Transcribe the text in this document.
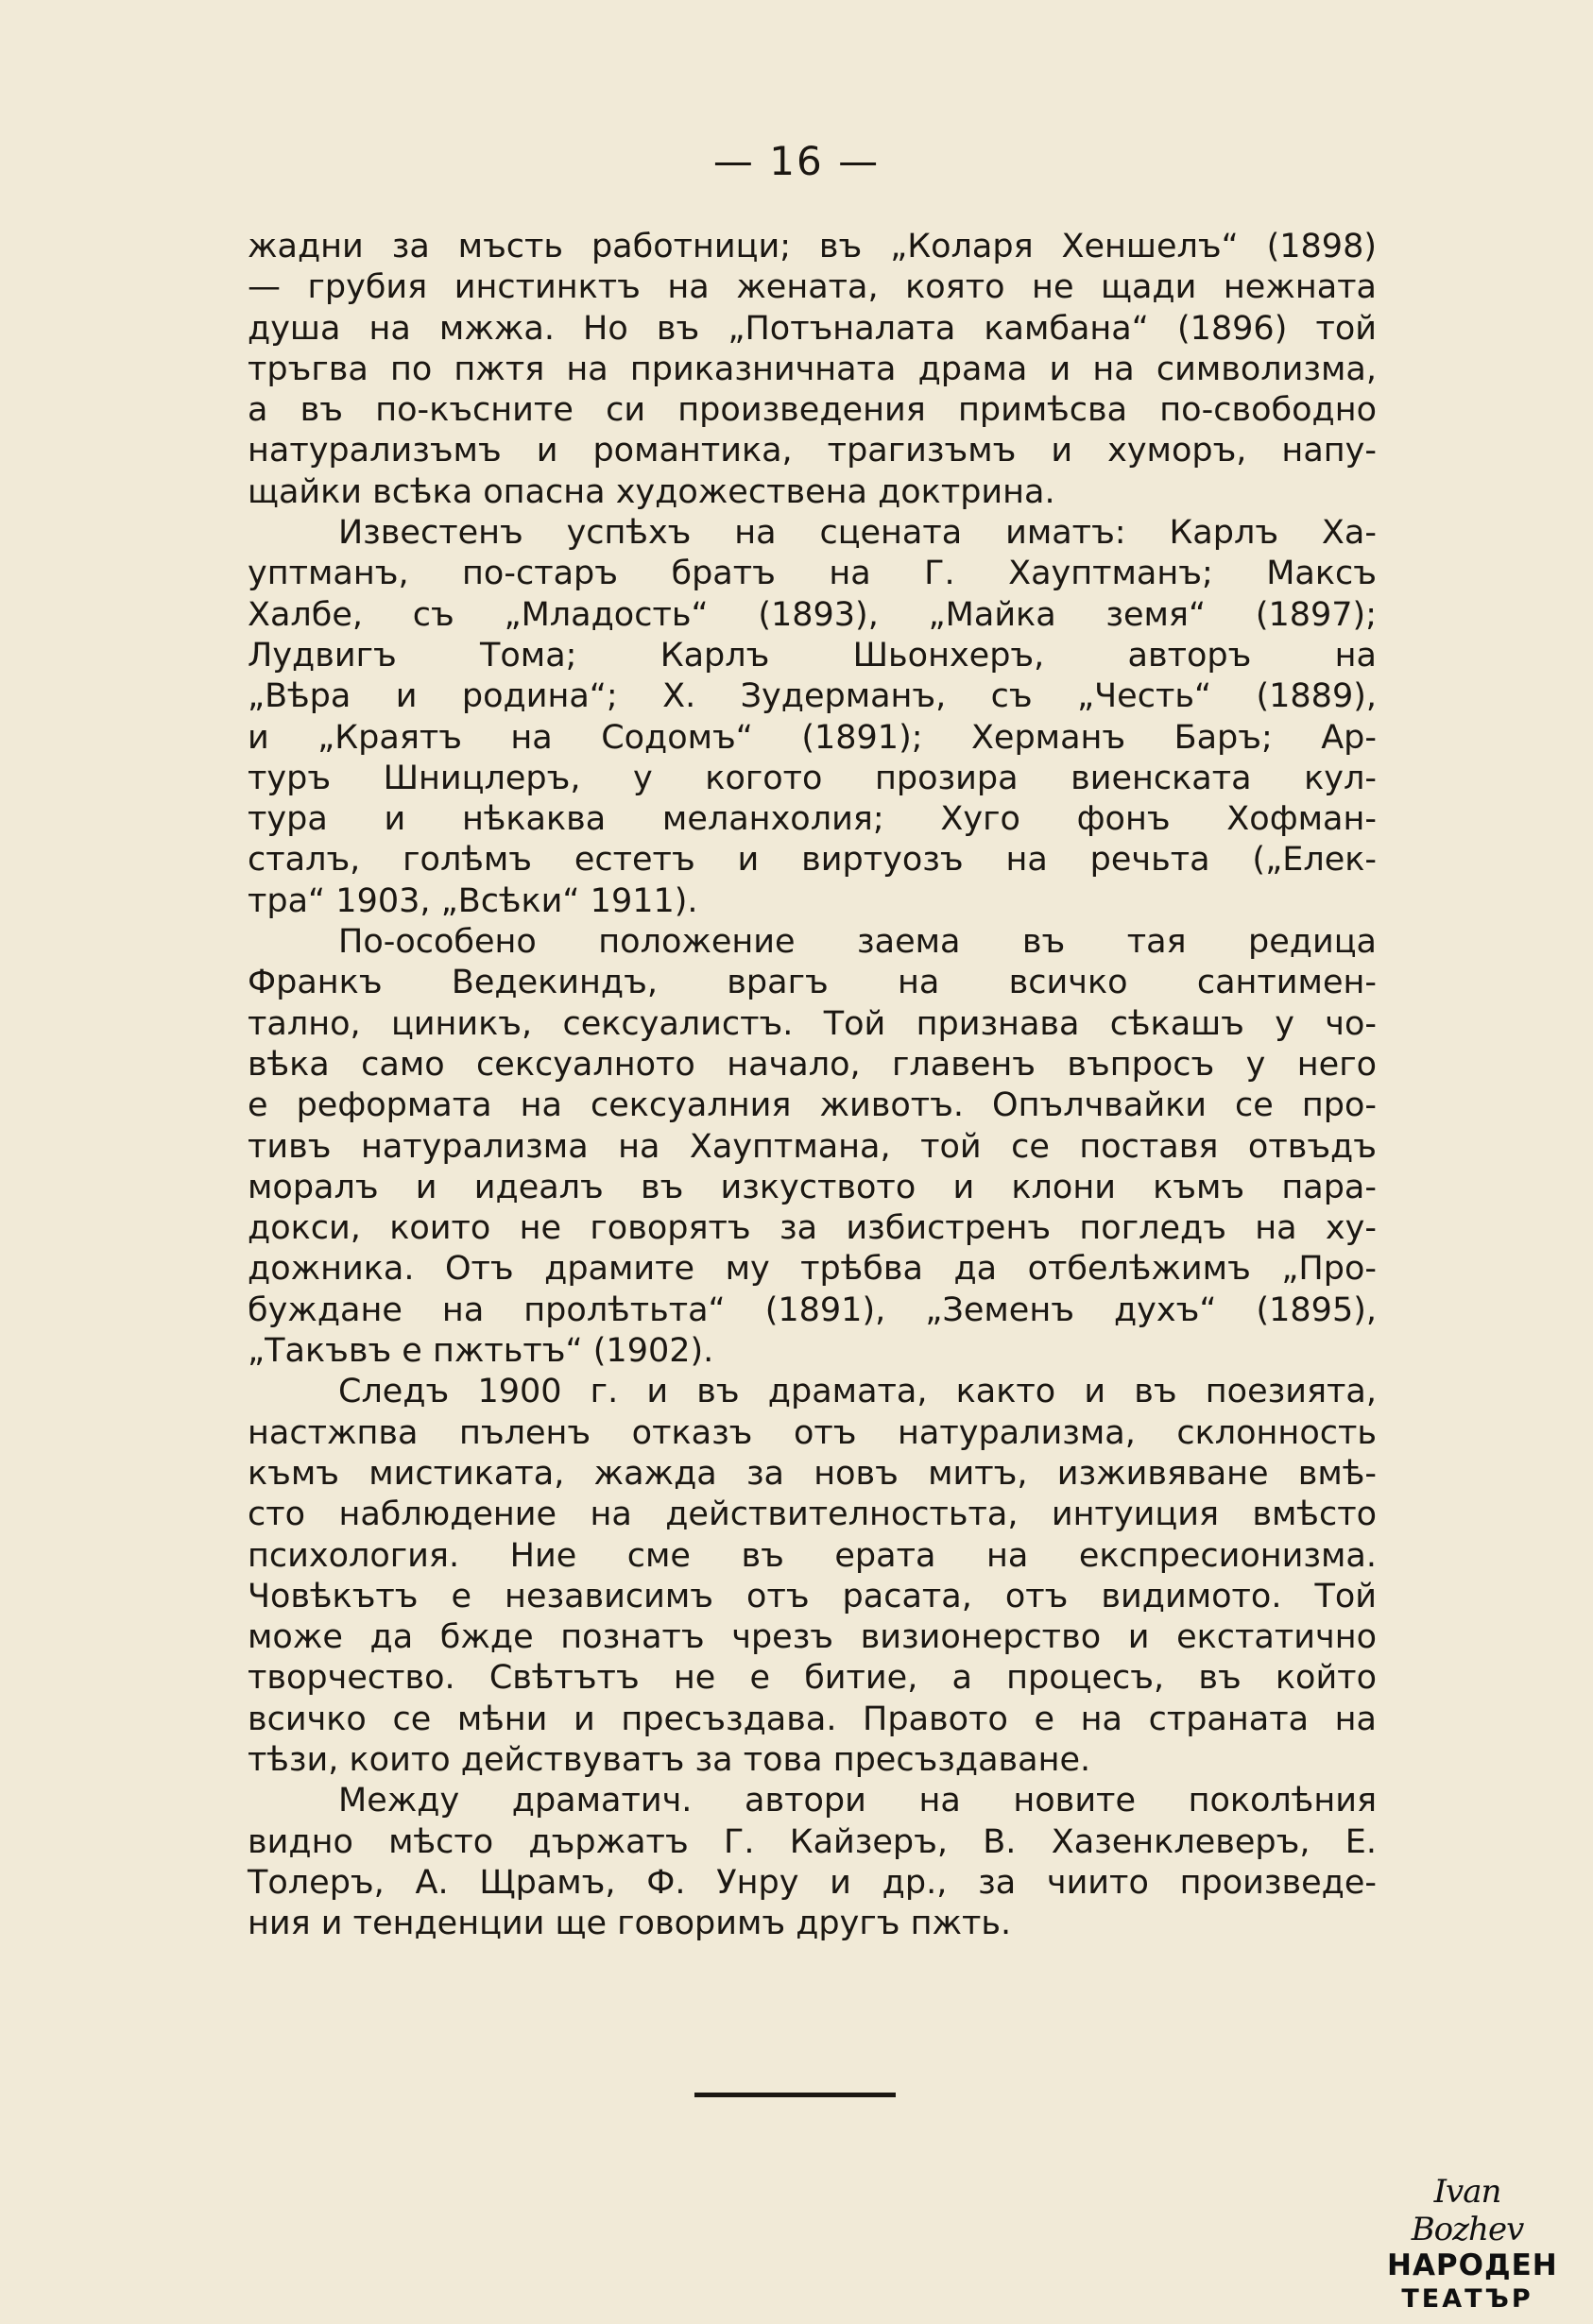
— 16 —

жадни за мъсть работници; въ „Коларя Хеншелъ“ (1898)
— грубия инстинктъ на жената, която не щади нежната
душа на мжжа. Но въ „Потъналата камбана“ (1896) той
тръгва по пжтя на приказничната драма и на символизма,
а въ по-късните си произведения примѣсва по-свободно
натурализъмъ и романтика, трагизъмъ и хуморъ, напу-
щайки всѣка опасна художествена доктрина.

Известенъ успѣхъ на сцената иматъ: Карлъ Ха-
уптманъ, по-старъ братъ на Г. Хауптманъ; Максъ
Халбе, съ „Младость“ (1893), „Майка земя“ (1897);
Лудвигъ Тома; Карлъ Шьонхеръ, авторъ на
„Вѣра и родина“; Х. Зудерманъ, съ „Честь“ (1889),
и „Краятъ на Содомъ“ (1891); Херманъ Баръ; Ар-
туръ Шницлеръ, у когото прозира виенската кул-
тура и нѣкаква меланхолия; Хуго фонъ Хофман-
сталъ, голѣмъ естетъ и виртуозъ на речьта („Елек-
тра“ 1903, „Всѣки“ 1911).

По-особено положение заема въ тая редица
Франкъ Ведекиндъ, врагъ на всичко сантимен-
тално, циникъ, сексуалистъ. Той признава сѣкашъ у чо-
вѣка само сексуалното начало, главенъ въпросъ у него
е реформата на сексуалния животъ. Опълчвайки се про-
тивъ натурализма на Хауптмана, той се поставя отвъдъ
моралъ и идеалъ въ изкуството и клони къмъ пара-
докси, които не говорятъ за избистренъ погледъ на ху-
дожника. Отъ драмите му трѣбва да отбелѣжимъ „Про-
буждане на пролѣтьта“ (1891), „Земенъ духъ“ (1895),
„Такъвъ е пжтьтъ“ (1902).

Следъ 1900 г. и въ драмата, както и въ поезията,
настжпва пъленъ отказъ отъ натурализма, склонность
къмъ мистиката, жажда за новъ митъ, изживяване вмѣ-
сто наблюдение на действителностьта, интуиция вмѣсто
психология. Ние сме въ ерата на експресионизма.
Човѣкътъ е независимъ отъ расата, отъ видимото. Той
може да бжде познатъ чрезъ визионерство и екстатично
творчество. Свѣтътъ не е битие, а процесъ, въ който
всичко се мѣни и пресъздава. Правото е на страната на
тѣзи, които действуватъ за това пресъздаване.

Между драматич. автори на новите поколѣния
видно мѣсто държатъ Г. Кайзеръ, В. Хазенклеверъ, Е.
Толеръ, А. Щрамъ, Ф. Унру и др., за чиито произведе-
ния и тенденции ще говоримъ другъ пжть.

Ivan Bozhev
НАРОДЕН
ТЕАТЪР
